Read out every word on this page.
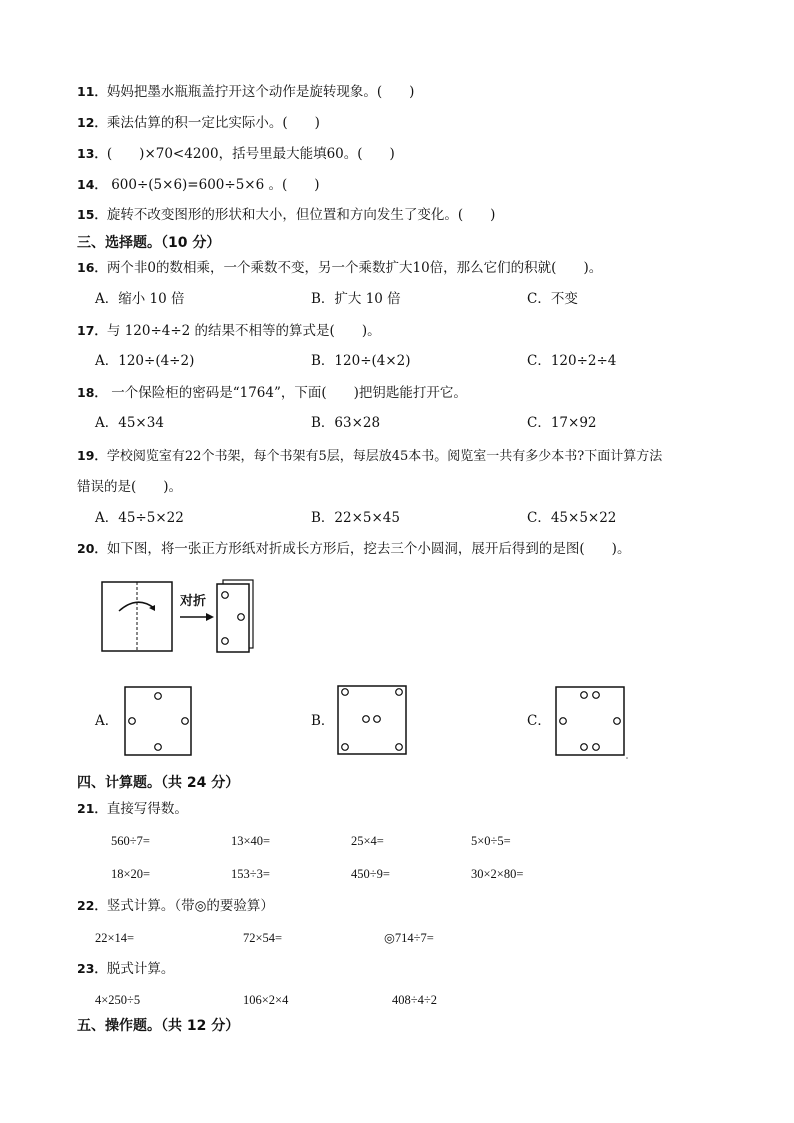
11．妈妈把墨水瓶瓶盖拧开这个动作是旋转现象。(　　)
12．乘法估算的积一定比实际小。(　　)
13．(　　)×70<4200，括号里最大能填60。(　　)
14． 600÷(5×6)=600÷5×6 。(　　)
15．旋转不改变图形的形状和大小，但位置和方向发生了变化。(　　)
三、选择题。（10 分）
16．两个非0的数相乘，一个乘数不变，另一个乘数扩大10倍，那么它们的积就(　　)。
A．缩小 10 倍	B．扩大 10 倍	C．不变
17．与 120÷4÷2 的结果不相等的算式是(　　)。
A．120÷(4÷2)	B．120÷(4×2)	C．120÷2÷4
18． 一个保险柜的密码是“1764”，下面(　　)把钥匙能打开它。
A．45×34	B．63×28	C．17×92
19．学校阅览室有22个书架，每个书架有5层，每层放45本书。阅览室一共有多少本书?下面计算方法
错误的是(　　)。
A．45÷5×22	B．22×5×45	C．45×5×22
20．如下图，将一张正方形纸对折成长方形后，挖去三个小圆洞，展开后得到的是图(　　)。
对折
A．	B．	C．
四、计算题。（共 24 分）
21．直接写得数。
560÷7=	13×40=	25×4=	5×0÷5=
18×20=	153÷3=	450÷9=	30×2×80=
22．竖式计算。（带◎的要验算）
22×14=	72×54=	◎714÷7=
23．脱式计算。
4×250÷5	106×2×4	408÷4÷2
五、操作题。（共 12 分）
